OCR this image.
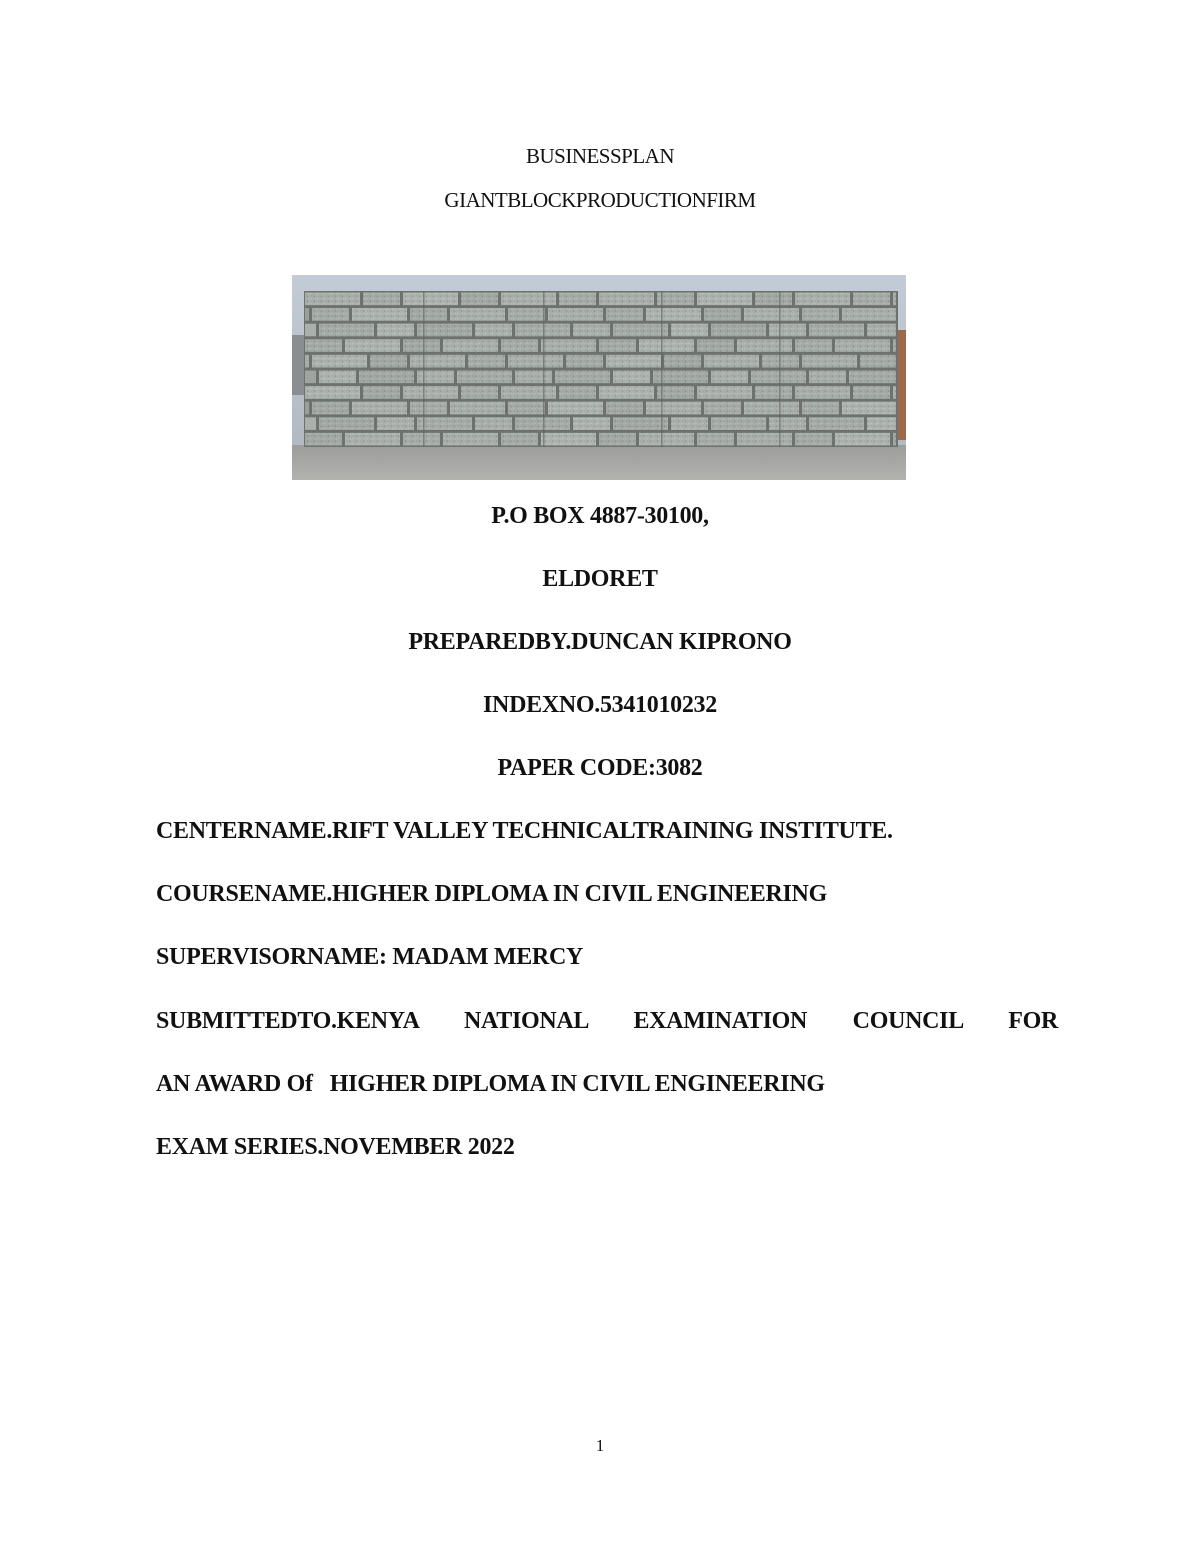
BUSINESSPLAN
GIANTBLOCKPRODUCTIONFIRM
P.O BOX 4887-30100,
ELDORET
PREPAREDBY.DUNCAN KIPRONO
INDEXNO.5341010232
PAPER CODE:3082
CENTERNAME.RIFT VALLEY TECHNICALTRAINING INSTITUTE.
COURSENAME.HIGHER DIPLOMA IN CIVIL ENGINEERING
SUPERVISORNAME: MADAM MERCY
SUBMITTEDTO.KENYA NATIONAL EXAMINATION COUNCIL FOR
AN AWARD Of   HIGHER DIPLOMA IN CIVIL ENGINEERING
EXAM SERIES.NOVEMBER 2022
1
